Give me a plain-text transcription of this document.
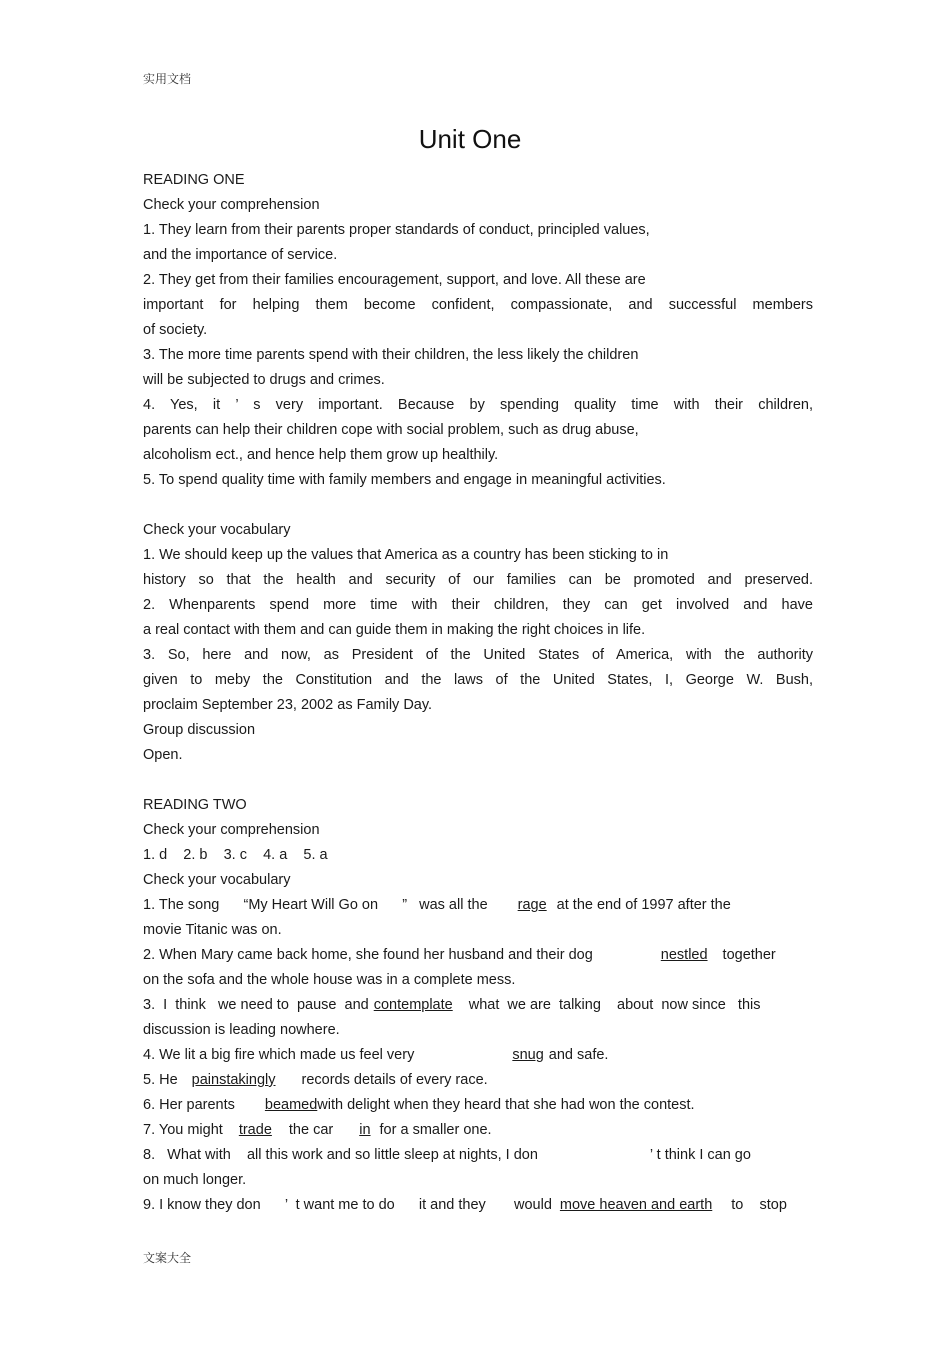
实用文档
Unit One
READING ONE
Check your comprehension
1. They learn from their parents proper standards of conduct, principled values,
and the importance of service.
2. They get from their families encouragement, support, and love. All these are
important for helping them become confident, compassionate, and successful members
of society.
3. The more time parents spend with their children, the less likely the children
will be subjected to drugs and crimes.
4. Yes, it ’ s very important. Because by spending quality time with their children,
parents can help their children cope with social problem, such as drug abuse,
alcoholism ect., and hence help them grow up healthily.
5. To spend quality time with family members and engage in meaningful activities.
Check your vocabulary
1. We should keep up the values that America as a country has been sticking to in
history so that the health and security of our families can be promoted and preserved.
2. Whenparents spend more time with their children, they can get involved and have
a real contact with them and can guide them in making the right choices in life.
3. So, here and now, as President of the United States of America, with the authority
given to meby the Constitution and the laws of the United States, I, George W. Bush,
proclaim September 23, 2002 as Family Day.
Group discussion
Open.
READING TWO
Check your comprehension
1. d    2. b    3. c    4. a    5. a
Check your vocabulary
1. The song      “My Heart Will Go on      ”   was all the rage at the end of 1997 after the
movie Titanic was on.
2. When Mary came back home, she found her husband and their dog	nestled together
on the sofa and the whole house was in a complete mess.
3.  I  think   we need to  pause  and contemplate what  we are  talking    about  now since   this
discussion is leading nowhere.
4. We lit a big fire which made us feel very	snug and safe.
5. He painstakingly records details of every race.
6. Her parents beamedwith delight when they heard that she had won the contest.
7. You might trade the car in for a smaller one.
8.   What with    all this work and so little sleep at nights, I don	’ t think I can go
on much longer.
9. I know they don      ’  t want me to do      it and they       would move heaven and earth to    stop
文案大全
